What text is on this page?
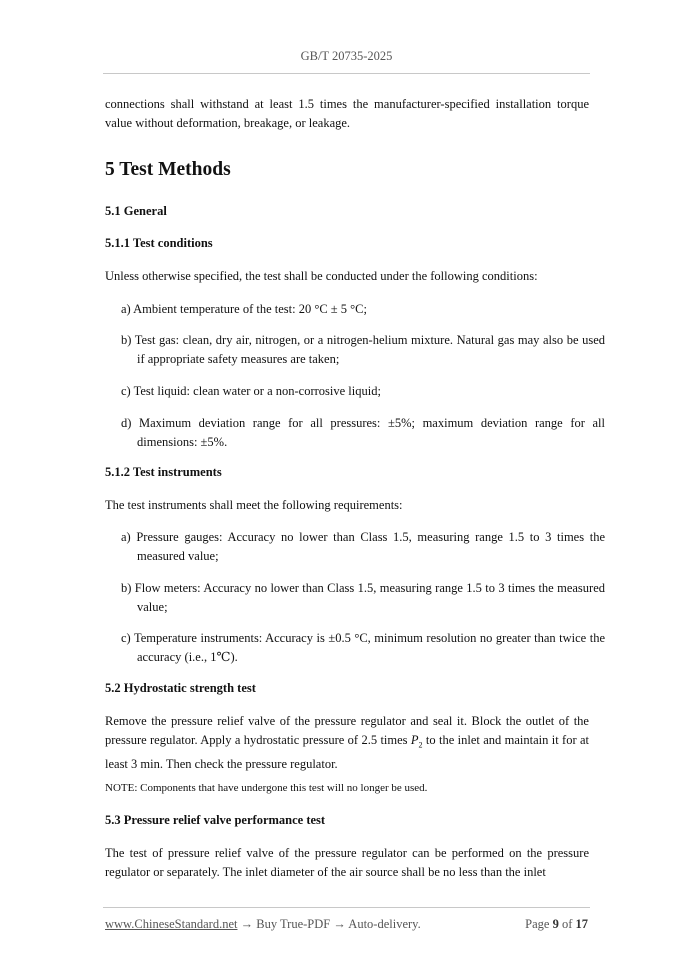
GB/T 20735-2025
connections shall withstand at least 1.5 times the manufacturer-specified installation torque value without deformation, breakage, or leakage.
5 Test Methods
5.1 General
5.1.1 Test conditions
Unless otherwise specified, the test shall be conducted under the following conditions:
a) Ambient temperature of the test: 20 °C ± 5 °C;
b) Test gas: clean, dry air, nitrogen, or a nitrogen-helium mixture. Natural gas may also be used if appropriate safety measures are taken;
c) Test liquid: clean water or a non-corrosive liquid;
d) Maximum deviation range for all pressures: ±5%; maximum deviation range for all dimensions: ±5%.
5.1.2 Test instruments
The test instruments shall meet the following requirements:
a) Pressure gauges: Accuracy no lower than Class 1.5, measuring range 1.5 to 3 times the measured value;
b) Flow meters: Accuracy no lower than Class 1.5, measuring range 1.5 to 3 times the measured value;
c) Temperature instruments: Accuracy is ±0.5 °C, minimum resolution no greater than twice the accuracy (i.e., 1℃).
5.2 Hydrostatic strength test
Remove the pressure relief valve of the pressure regulator and seal it. Block the outlet of the pressure regulator. Apply a hydrostatic pressure of 2.5 times $P_2$ to the inlet and maintain it for at least 3 min. Then check the pressure regulator.
NOTE: Components that have undergone this test will no longer be used.
5.3 Pressure relief valve performance test
The test of pressure relief valve of the pressure regulator can be performed on the pressure regulator or separately. The inlet diameter of the air source shall be no less than the inlet
www.ChineseStandard.net → Buy True-PDF → Auto-delivery.	Page 9 of 17
